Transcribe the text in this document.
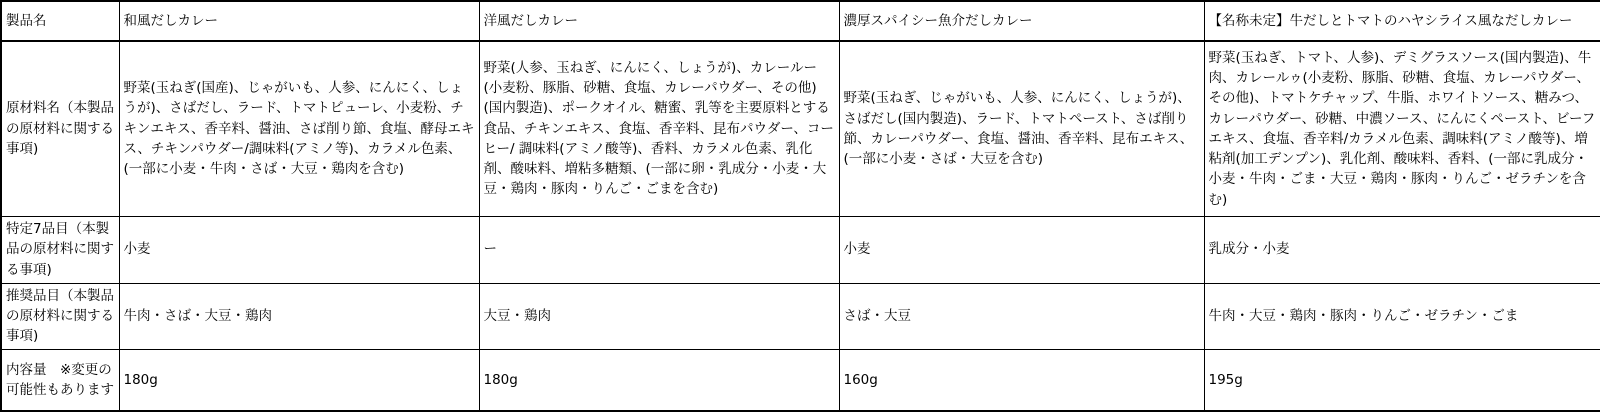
製品名	和風だしカレー	洋風だしカレー	濃厚スパイシー魚介だしカレー	【名称未定】牛だしとトマトのハヤシライス風なだしカレー
原材料名（本製品の原材料に関する事項)	野菜(玉ねぎ(国産)、じゃがいも、人参、にんにく、しょうが)、さばだし、ラード、トマトピューレ、小麦粉、チキンエキス、香辛料、醤油、さば削り節、食塩、酵母エキス、チキンパウダー/調味料(アミノ等)、カラメル色素、(一部に小麦・牛肉・さば・大豆・鶏肉を含む)	野菜(人参、玉ねぎ、にんにく、しょうが)、カレールー(小麦粉、豚脂、砂糖、食塩、カレーパウダー、その他)(国内製造)、ポークオイル、糖蜜、乳等を主要原料とする食品、チキンエキス、食塩、香辛料、昆布パウダー、コーヒー/ 調味料(アミノ酸等)、香料、カラメル色素、乳化剤、酸味料、増粘多糖類、(一部に卵・乳成分・小麦・大豆・鶏肉・豚肉・りんご・ごまを含む)	野菜(玉ねぎ、じゃがいも、人参、にんにく、しょうが)、さばだし(国内製造)、ラード、トマトペースト、さば削り節、カレーパウダー、食塩、醤油、香辛料、昆布エキス、(一部に小麦・さば・大豆を含む)	野菜(玉ねぎ、トマト、人参)、デミグラスソース(国内製造)、牛肉、カレールゥ(小麦粉、豚脂、砂糖、食塩、カレーパウダー、その他)、トマトケチャップ、牛脂、ホワイトソース、糖みつ、カレーパウダー、砂糖、中濃ソース、にんにくペースト、ビーフエキス、食塩、香辛料/カラメル色素、調味料(アミノ酸等)、増粘剤(加工デンプン)、乳化剤、酸味料、香料、(一部に乳成分・小麦・牛肉・ごま・大豆・鶏肉・豚肉・りんご・ゼラチンを含む)
特定7品目（本製品の原材料に関する事項)	小麦	ー	小麦	乳成分・小麦
推奨品目（本製品の原材料に関する事項)	牛肉・さば・大豆・鶏肉	大豆・鶏肉	さば・大豆	牛肉・大豆・鶏肉・豚肉・りんご・ゼラチン・ごま
内容量　※変更の可能性もあります	180g	180g	160g	195g
